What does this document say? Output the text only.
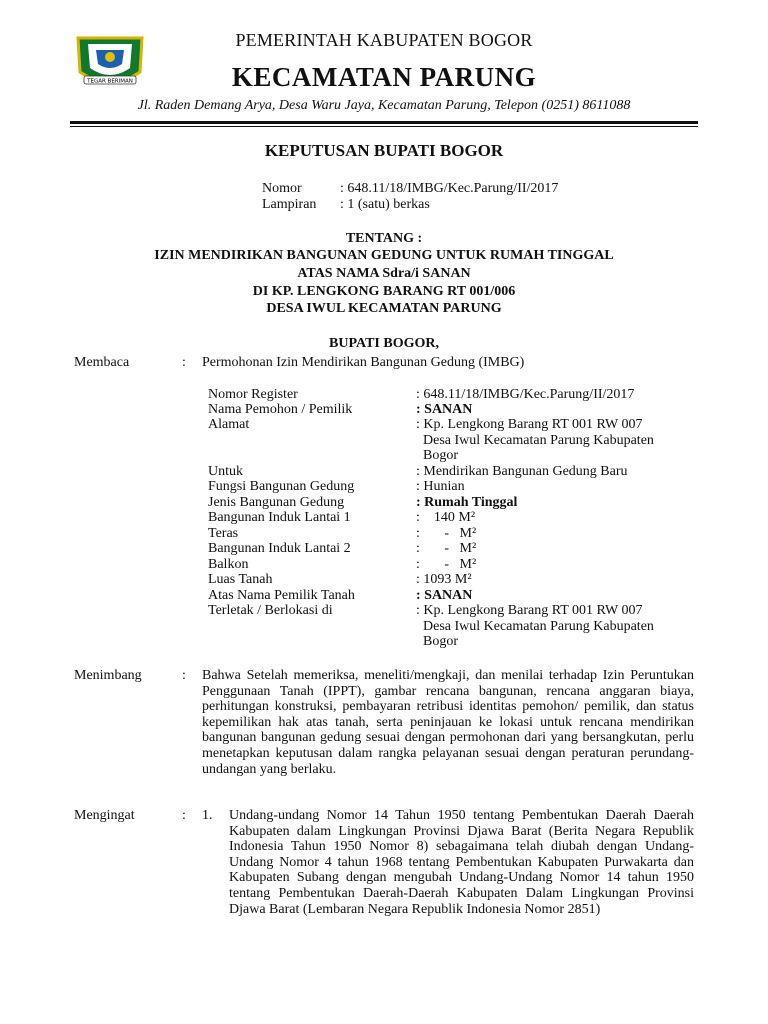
TEGAR BERIMAN
PEMERINTAH KABUPATEN BOGOR
KECAMATAN PARUNG
Jl. Raden Demang Arya, Desa Waru Jaya, Kecamatan Parung, Telepon (0251) 8611088
KEPUTUSAN BUPATI BOGOR
Nomor	: 648.11/18/IMBG/Kec.Parung/II/2017
Lampiran : 1 (satu) berkas
TENTANG :
IZIN MENDIRIKAN BANGUNAN GEDUNG UNTUK RUMAH TINGGAL
ATAS NAMA Sdra/i SANAN
DI KP. LENGKONG BARANG RT 001/006
DESA IWUL KECAMATAN PARUNG
BUPATI BOGOR,
Membaca	: Permohonan Izin Mendirikan Bangunan Gedung (IMBG)
Nomor Register	: 648.11/18/IMBG/Kec.Parung/II/2017
Nama Pemohon / Pemilik	: SANAN
Alamat	: Kp. Lengkong Barang RT 001 RW 007
Desa Iwul Kecamatan Parung Kabupaten
Bogor
Untuk	: Mendirikan Bangunan Gedung Baru
Fungsi Bangunan Gedung	: Hunian
Jenis Bangunan Gedung	: Rumah Tinggal
Bangunan Induk Lantai 1	:    140 M²
Teras	:       -   M²
Bangunan Induk Lantai 2	:       -   M²
Balkon	:       -   M²
Luas Tanah	: 1093 M²
Atas Nama Pemilik Tanah	: SANAN
Terletak / Berlokasi di	: Kp. Lengkong Barang RT 001 RW 007
Desa Iwul Kecamatan Parung Kabupaten
Bogor
Menimbang	: Bahwa Setelah memeriksa, meneliti/mengkaji, dan menilai terhadap Izin Peruntukan Penggunaan Tanah (IPPT), gambar rencana bangunan, rencana anggaran biaya, perhitungan konstruksi, pembayaran retribusi identitas pemohon/ pemilik, dan status kepemilikan hak atas tanah, serta peninjauan ke lokasi untuk rencana mendirikan bangunan bangunan gedung sesuai dengan permohonan dari yang bersangkutan, perlu menetapkan keputusan dalam rangka pelayanan sesuai dengan peraturan perundang-undangan yang berlaku.
Mengingat	: 1. Undang-undang Nomor 14 Tahun 1950 tentang Pembentukan Daerah Daerah Kabupaten dalam Lingkungan Provinsi Djawa Barat (Berita Negara Republik Indonesia Tahun 1950 Nomor 8) sebagaimana telah diubah dengan Undang-Undang Nomor 4 tahun 1968 tentang Pembentukan Kabupaten Purwakarta dan Kabupaten Subang dengan mengubah Undang-Undang Nomor 14 tahun 1950 tentang Pembentukan Daerah-Daerah Kabupaten Dalam Lingkungan Provinsi Djawa Barat (Lembaran Negara Republik Indonesia Nomor 2851)
